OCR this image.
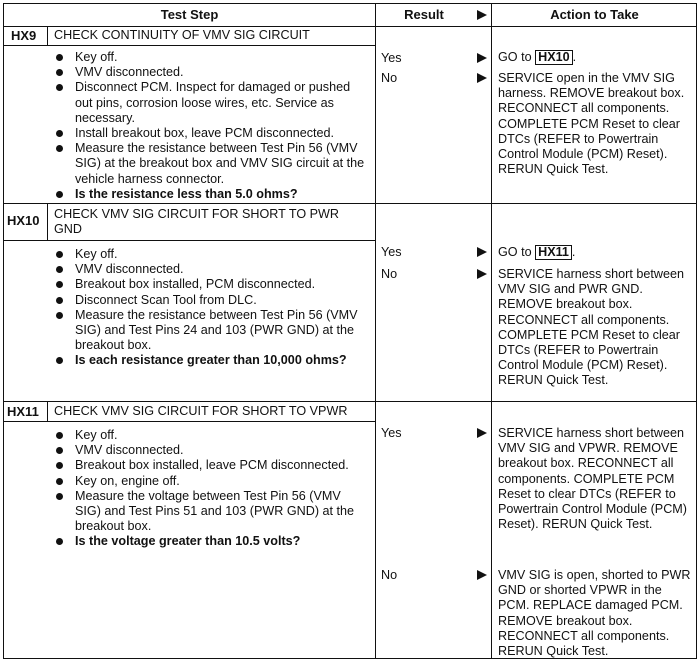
Test Step	Result	Action to Take
HX9 CHECK CONTINUITY OF VMV SIG CIRCUIT
Key off.
VMV disconnected.
Disconnect PCM. Inspect for damaged or pushed out pins, corrosion loose wires, etc. Service as necessary.
Install breakout box, leave PCM disconnected.
Measure the resistance between Test Pin 56 (VMV SIG) at the breakout box and VMV SIG circuit at the vehicle harness connector.
Is the resistance less than 5.0 ohms?
Yes	GO to HX10 .
No	SERVICE open in the VMV SIG harness. REMOVE breakout box. RECONNECT all components. COMPLETE PCM Reset to clear DTCs (REFER to Powertrain Control Module (PCM) Reset). RERUN Quick Test.
HX10 CHECK VMV SIG CIRCUIT FOR SHORT TO PWR GND
Key off.
VMV disconnected.
Breakout box installed, PCM disconnected.
Disconnect Scan Tool from DLC.
Measure the resistance between Test Pin 56 (VMV SIG) and Test Pins 24 and 103 (PWR GND) at the breakout box.
Is each resistance greater than 10,000 ohms?
Yes	GO to HX11 .
No	SERVICE harness short between VMV SIG and PWR GND. REMOVE breakout box. RECONNECT all components. COMPLETE PCM Reset to clear DTCs (REFER to Powertrain Control Module (PCM) Reset). RERUN Quick Test.
HX11 CHECK VMV SIG CIRCUIT FOR SHORT TO VPWR
Key off.
VMV disconnected.
Breakout box installed, leave PCM disconnected.
Key on, engine off.
Measure the voltage between Test Pin 56 (VMV SIG) and Test Pins 51 and 103 (PWR GND) at the breakout box.
Is the voltage greater than 10.5 volts?
Yes	SERVICE harness short between VMV SIG and VPWR. REMOVE breakout box. RECONNECT all components. COMPLETE PCM Reset to clear DTCs (REFER to Powertrain Control Module (PCM) Reset). RERUN Quick Test.
No	VMV SIG is open, shorted to PWR GND or shorted VPWR in the PCM. REPLACE damaged PCM. REMOVE breakout box. RECONNECT all components. RERUN Quick Test.
